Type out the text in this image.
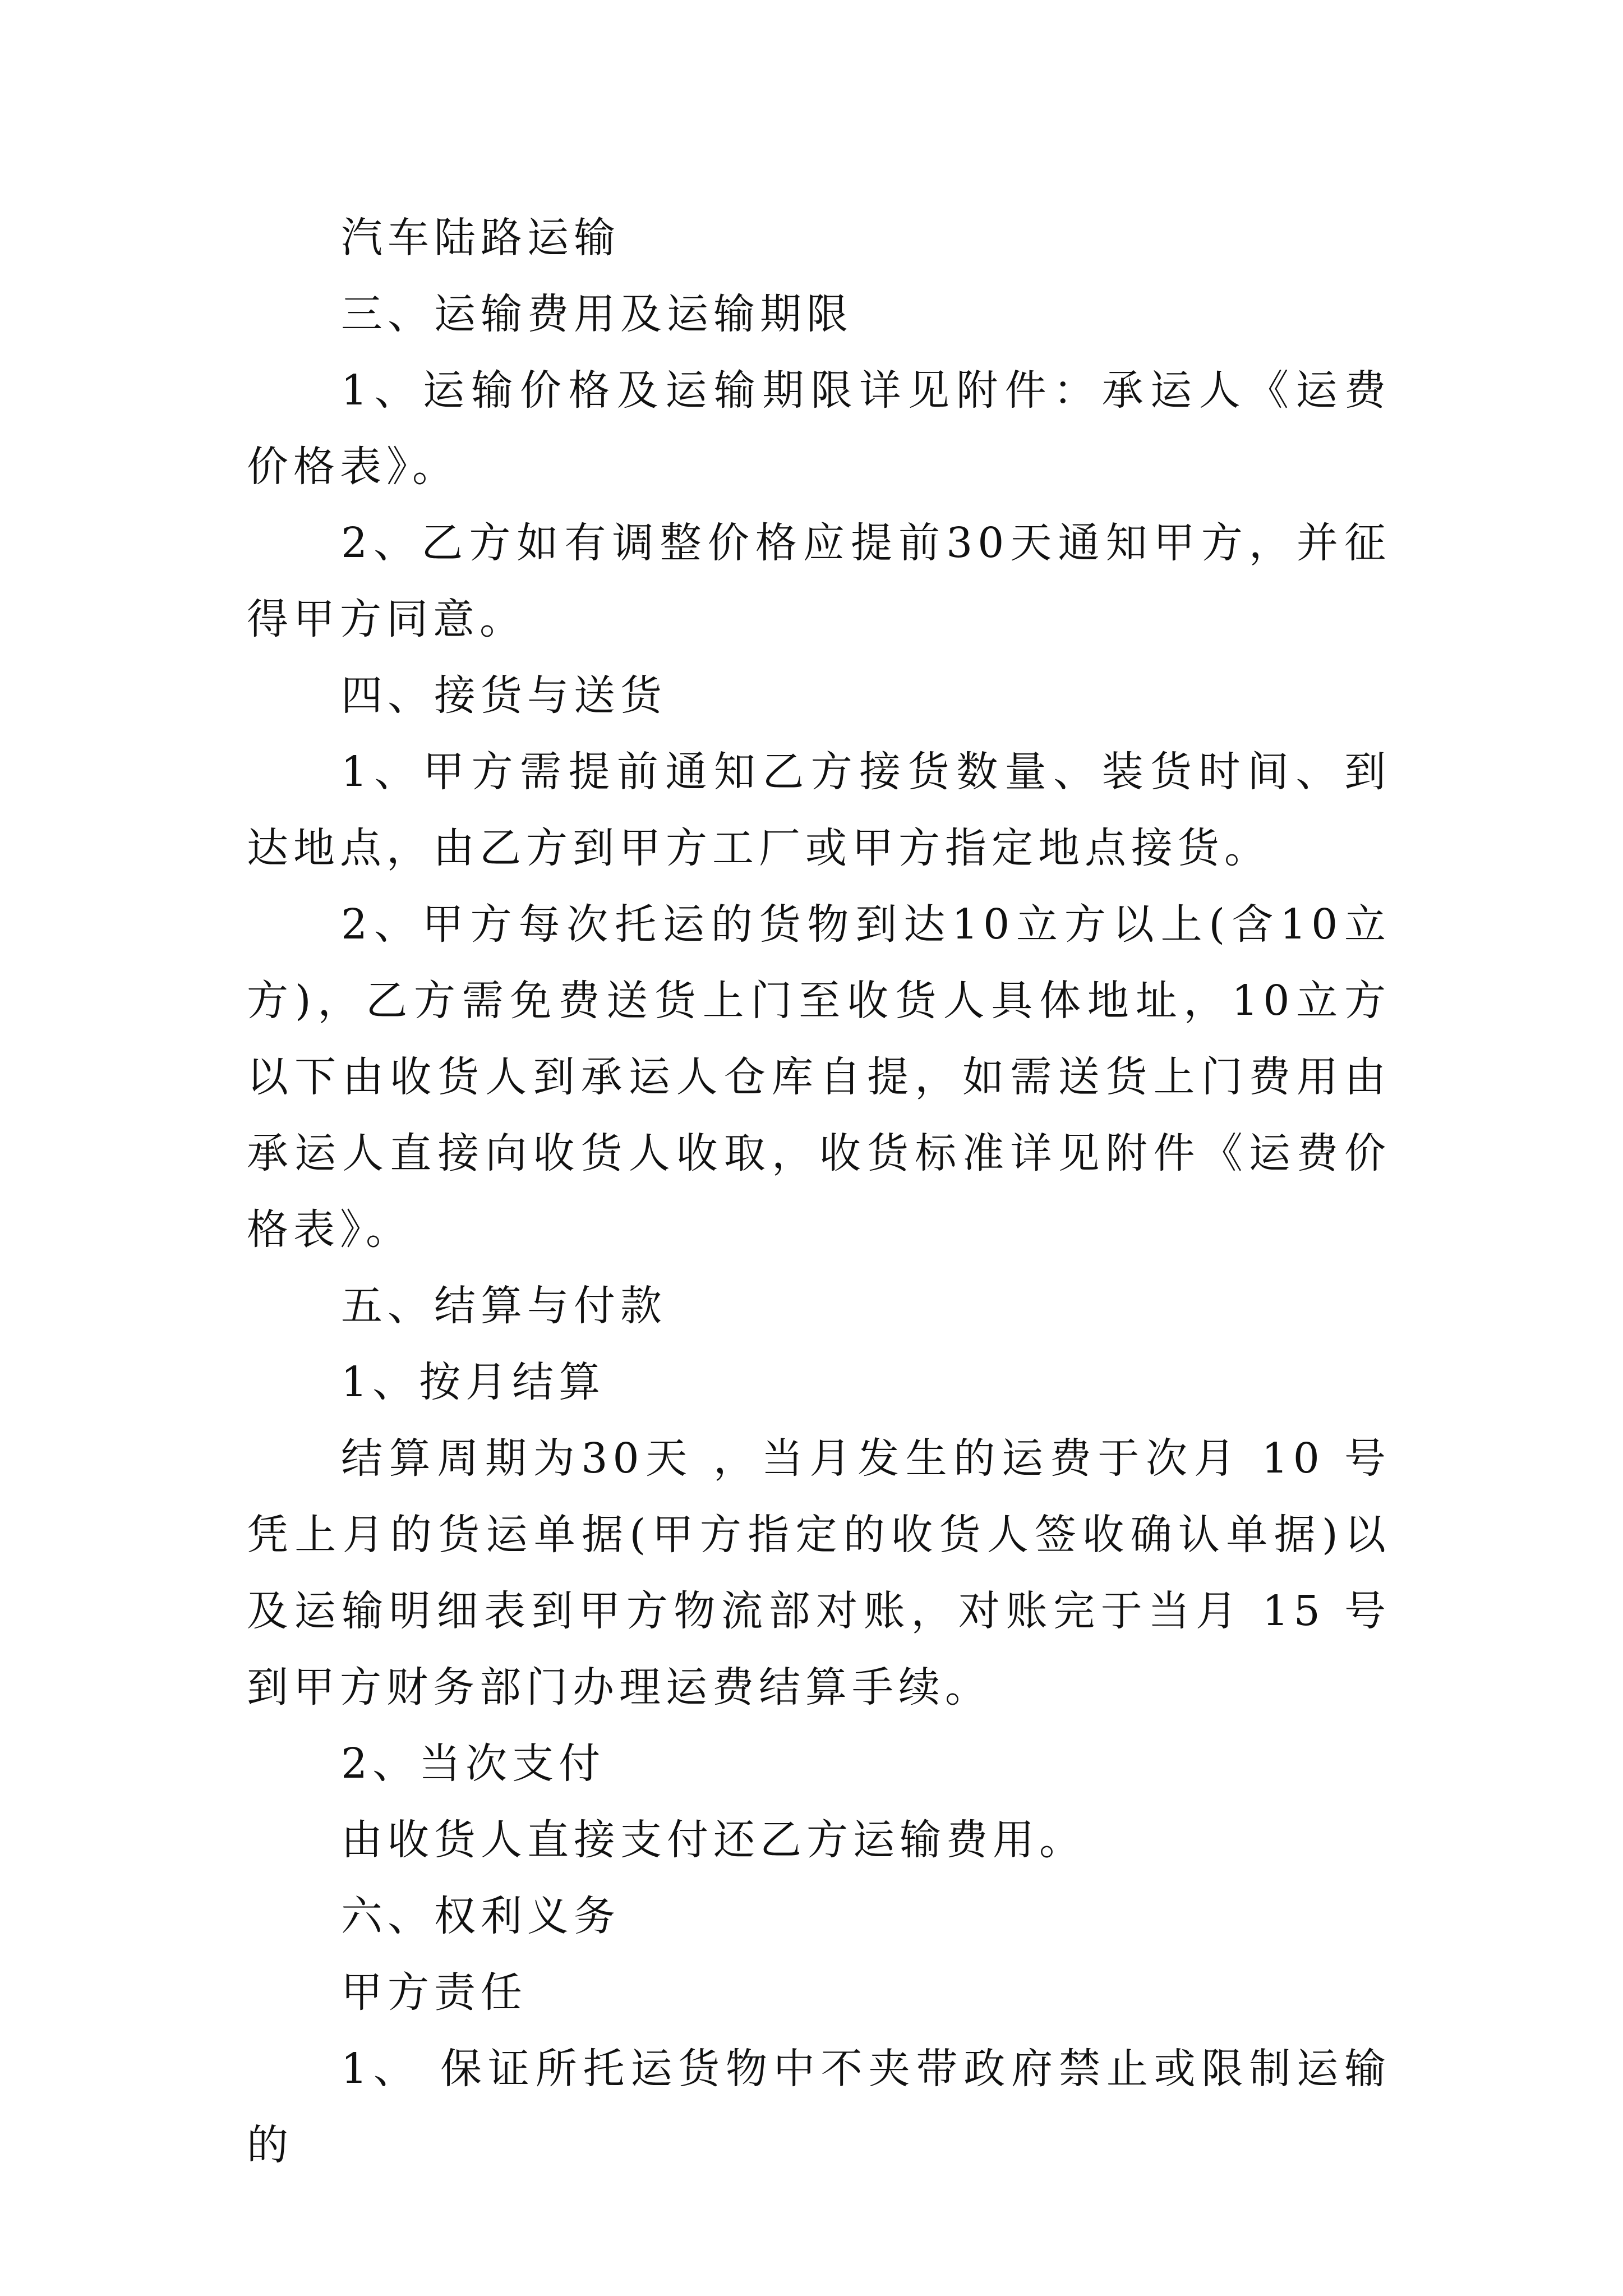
汽车陆路运输

三、运输费用及运输期限

1、运输价格及运输期限详见附件：承运人《运费价格表》。

2、乙方如有调整价格应提前30天通知甲方，并征得甲方同意。

四、接货与送货

1、甲方需提前通知乙方接货数量、装货时间、到达地点，由乙方到甲方工厂或甲方指定地点接货。

2、甲方每次托运的货物到达10立方以上(含10立方)，乙方需免费送货上门至收货人具体地址，10立方以下由收货人到承运人仓库自提，如需送货上门费用由承运人直接向收货人收取，收货标准详见附件《运费价格表》。

五、结算与付款

1、按月结算

结算周期为30天 ，当月发生的运费于次月 10 号凭上月的货运单据(甲方指定的收货人签收确认单据)以及运输明细表到甲方物流部对账，对账完于当月 15 号到甲方财务部门办理运费结算手续。

2、当次支付

由收货人直接支付还乙方运输费用。

六、权利义务

甲方责任

1、 保证所托运货物中不夹带政府禁止或限制运输的
